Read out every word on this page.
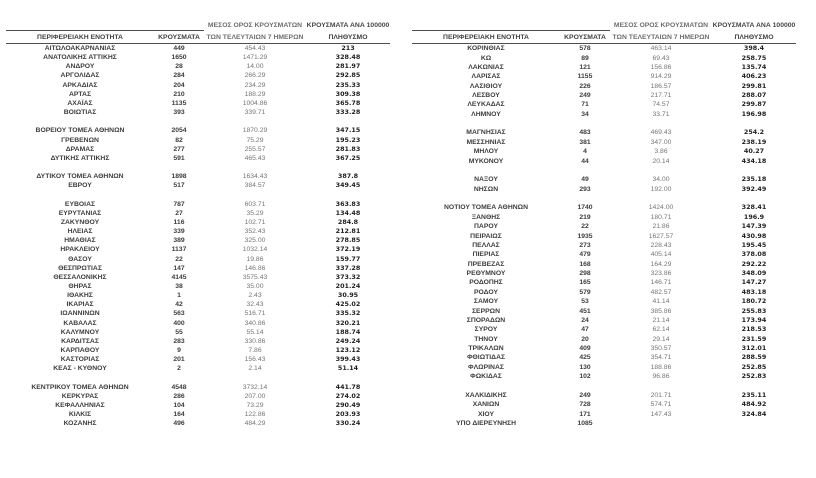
		ΜΕΣΟΣ ΟΡΟΣ ΚΡΟΥΣΜΑΤΩΝ	ΚΡΟΥΣΜΑΤΑ ΑΝΑ 100000
ΠΕΡΙΦΕΡΕΙΑΚΗ ΕΝΟΤΗΤΑ	ΚΡΟΥΣΜΑΤΑ	ΤΩΝ ΤΕΛΕΥΤΑΙΩΝ 7 ΗΜΕΡΩΝ	ΠΛΗΘΥΣΜΟ
ΑΙΤΩΛΟΑΚΑΡΝΑΝΙΑΣ	449	454.43	213
ΑΝΑΤΟΛΙΚΗΣ ΑΤΤΙΚΗΣ	1650	1471.29	328.48
ΑΝΔΡΟΥ	28	14.00	281.97
ΑΡΓΟΛΙΔΑΣ	284	266.29	292.85
ΑΡΚΑΔΙΑΣ	204	234.29	235.33
ΑΡΤΑΣ	210	188.29	309.38
ΑΧΑΪΑΣ	1135	1004.86	365.78
ΒΟΙΩΤΙΑΣ	393	339.71	333.28

ΒΟΡΕΙΟΥ ΤΟΜΕΑ ΑΘΗΝΩΝ	2054	1870.29	347.15
ΓΡΕΒΕΝΩΝ	82	75.29	195.23
ΔΡΑΜΑΣ	277	255.57	281.83
ΔΥΤΙΚΗΣ ΑΤΤΙΚΗΣ	591	465.43	367.25

ΔΥΤΙΚΟΥ ΤΟΜΕΑ ΑΘΗΝΩΝ	1898	1634.43	387.8
ΕΒΡΟΥ	517	384.57	349.45

ΕΥΒΟΙΑΣ	787	603.71	363.83
ΕΥΡΥΤΑΝΙΑΣ	27	35.29	134.48
ΖΑΚΥΝΘΟΥ	116	102.71	284.8
ΗΛΕΙΑΣ	339	352.43	212.81
ΗΜΑΘΙΑΣ	389	325.00	278.85
ΗΡΑΚΛΕΙΟΥ	1137	1032.14	372.19
ΘΑΣΟΥ	22	19.86	159.77
ΘΕΣΠΡΩΤΙΑΣ	147	146.86	337.28
ΘΕΣΣΑΛΟΝΙΚΗΣ	4145	3575.43	373.32
ΘΗΡΑΣ	38	35.00	201.24
ΙΘΑΚΗΣ	1	2.43	30.95
ΙΚΑΡΙΑΣ	42	32.43	425.02
ΙΩΑΝΝΙΝΩΝ	563	516.71	335.32
ΚΑΒΑΛΑΣ	400	340.86	320.21
ΚΑΛΥΜΝΟΥ	55	55.14	188.74
ΚΑΡΔΙΤΣΑΣ	283	330.86	249.24
ΚΑΡΠΑΘΟΥ	9	7.86	123.12
ΚΑΣΤΟΡΙΑΣ	201	156.43	399.43
ΚΕΑΣ - ΚΥΘΝΟΥ	2	2.14	51.14

ΚΕΝΤΡΙΚΟΥ ΤΟΜΕΑ ΑΘΗΝΩΝ	4548	3732.14	441.78
ΚΕΡΚΥΡΑΣ	286	207.00	274.02
ΚΕΦΑΛΛΗΝΙΑΣ	104	73.29	290.49
ΚΙΛΚΙΣ	164	122.86	203.93
ΚΟΖΑΝΗΣ	496	484.29	330.24
		ΜΕΣΟΣ ΟΡΟΣ ΚΡΟΥΣΜΑΤΩΝ	ΚΡΟΥΣΜΑΤΑ ΑΝΑ 100000
ΠΕΡΙΦΕΡΕΙΑΚΗ ΕΝΟΤΗΤΑ	ΚΡΟΥΣΜΑΤΑ	ΤΩΝ ΤΕΛΕΥΤΑΙΩΝ 7 ΗΜΕΡΩΝ	ΠΛΗΘΥΣΜΟ
ΚΟΡΙΝΘΙΑΣ	578	463.14	398.4
ΚΩ	89	69.43	258.75
ΛΑΚΩΝΙΑΣ	121	156.86	135.74
ΛΑΡΙΣΑΣ	1155	914.29	406.23
ΛΑΣΙΘΙΟΥ	226	186.57	299.81
ΛΕΣΒΟΥ	249	217.71	288.07
ΛΕΥΚΑΔΑΣ	71	74.57	299.87
ΛΗΜΝΟΥ	34	33.71	196.98

ΜΑΓΝΗΣΙΑΣ	483	469.43	254.2
ΜΕΣΣΗΝΙΑΣ	381	347.00	238.19
ΜΗΛΟΥ	4	3.86	40.27
ΜΥΚΟΝΟΥ	44	20.14	434.18

ΝΑΞΟΥ	49	34.00	235.18
ΝΗΣΩΝ	293	192.00	392.49

ΝΟΤΙΟΥ ΤΟΜΕΑ ΑΘΗΝΩΝ	1740	1424.00	328.41
ΞΑΝΘΗΣ	219	180.71	196.9
ΠΑΡΟΥ	22	21.86	147.39
ΠΕΙΡΑΙΩΣ	1935	1627.57	430.98
ΠΕΛΛΑΣ	273	228.43	195.45
ΠΙΕΡΙΑΣ	479	405.14	378.08
ΠΡΕΒΕΖΑΣ	168	164.29	292.22
ΡΕΘΥΜΝΟΥ	298	323.86	348.09
ΡΟΔΟΠΗΣ	165	146.71	147.27
ΡΟΔΟΥ	579	482.57	483.18
ΣΑΜΟΥ	53	41.14	180.72
ΣΕΡΡΩΝ	451	385.86	255.83
ΣΠΟΡΑΔΩΝ	24	21.14	173.94
ΣΥΡΟΥ	47	62.14	218.53
ΤΗΝΟΥ	20	29.14	231.59
ΤΡΙΚΑΛΩΝ	409	350.57	312.01
ΦΘΙΩΤΙΔΑΣ	425	354.71	288.59
ΦΛΩΡΙΝΑΣ	130	188.86	252.85
ΦΩΚΙΔΑΣ	102	96.86	252.83

ΧΑΛΚΙΔΙΚΗΣ	249	201.71	235.11
ΧΑΝΙΩΝ	728	574.71	484.92
ΧΙΟΥ	171	147.43	324.84
ΥΠΟ ΔΙΕΡΕΥΝΗΣΗ	1085		
